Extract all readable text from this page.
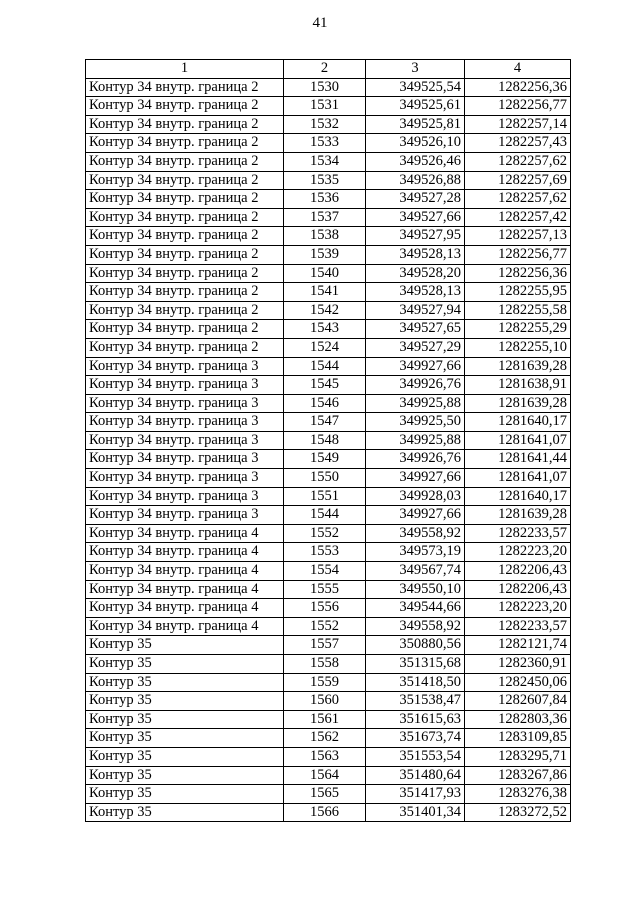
41
1	2	3	4
Контур 34 внутр. граница 2	1530	349525,54	1282256,36
Контур 34 внутр. граница 2	1531	349525,61	1282256,77
Контур 34 внутр. граница 2	1532	349525,81	1282257,14
Контур 34 внутр. граница 2	1533	349526,10	1282257,43
Контур 34 внутр. граница 2	1534	349526,46	1282257,62
Контур 34 внутр. граница 2	1535	349526,88	1282257,69
Контур 34 внутр. граница 2	1536	349527,28	1282257,62
Контур 34 внутр. граница 2	1537	349527,66	1282257,42
Контур 34 внутр. граница 2	1538	349527,95	1282257,13
Контур 34 внутр. граница 2	1539	349528,13	1282256,77
Контур 34 внутр. граница 2	1540	349528,20	1282256,36
Контур 34 внутр. граница 2	1541	349528,13	1282255,95
Контур 34 внутр. граница 2	1542	349527,94	1282255,58
Контур 34 внутр. граница 2	1543	349527,65	1282255,29
Контур 34 внутр. граница 2	1524	349527,29	1282255,10
Контур 34 внутр. граница 3	1544	349927,66	1281639,28
Контур 34 внутр. граница 3	1545	349926,76	1281638,91
Контур 34 внутр. граница 3	1546	349925,88	1281639,28
Контур 34 внутр. граница 3	1547	349925,50	1281640,17
Контур 34 внутр. граница 3	1548	349925,88	1281641,07
Контур 34 внутр. граница 3	1549	349926,76	1281641,44
Контур 34 внутр. граница 3	1550	349927,66	1281641,07
Контур 34 внутр. граница 3	1551	349928,03	1281640,17
Контур 34 внутр. граница 3	1544	349927,66	1281639,28
Контур 34 внутр. граница 4	1552	349558,92	1282233,57
Контур 34 внутр. граница 4	1553	349573,19	1282223,20
Контур 34 внутр. граница 4	1554	349567,74	1282206,43
Контур 34 внутр. граница 4	1555	349550,10	1282206,43
Контур 34 внутр. граница 4	1556	349544,66	1282223,20
Контур 34 внутр. граница 4	1552	349558,92	1282233,57
Контур 35	1557	350880,56	1282121,74
Контур 35	1558	351315,68	1282360,91
Контур 35	1559	351418,50	1282450,06
Контур 35	1560	351538,47	1282607,84
Контур 35	1561	351615,63	1282803,36
Контур 35	1562	351673,74	1283109,85
Контур 35	1563	351553,54	1283295,71
Контур 35	1564	351480,64	1283267,86
Контур 35	1565	351417,93	1283276,38
Контур 35	1566	351401,34	1283272,52
